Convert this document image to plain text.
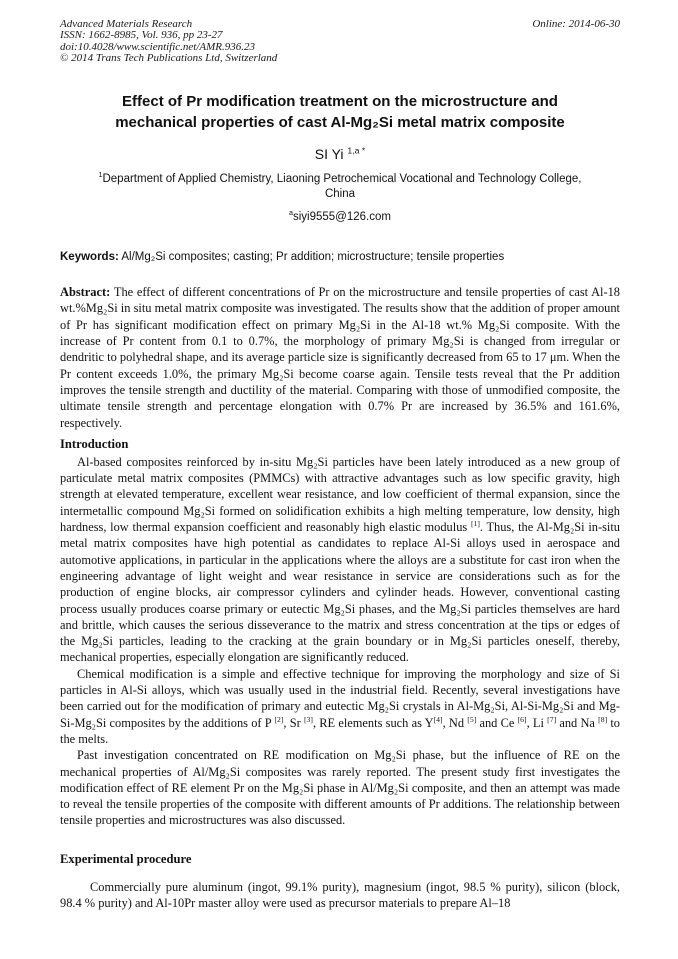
Advanced Materials Research
ISSN: 1662-8985, Vol. 936, pp 23-27
doi:10.4028/www.scientific.net/AMR.936.23
© 2014 Trans Tech Publications Ltd, Switzerland
Online: 2014-06-30
Effect of Pr modification treatment on the microstructure and
mechanical properties of cast Al-Mg₂Si metal matrix composite
SI Yi $^{1,a *}$
$^1$Department of Applied Chemistry, Liaoning Petrochemical Vocational and Technology College,
China
$^a$siyi9555@126.com
Keywords: Al/Mg₂Si composites; casting; Pr addition; microstructure; tensile properties

Abstract: The effect of different concentrations of Pr on the microstructure and tensile properties of cast Al-18 wt.%Mg₂Si in situ metal matrix composite was investigated. The results show that the addition of proper amount of Pr has significant modification effect on primary Mg₂Si in the Al-18 wt.% Mg₂Si composite. With the increase of Pr content from 0.1 to 0.7%, the morphology of primary Mg₂Si is changed from irregular or dendritic to polyhedral shape, and its average particle size is significantly decreased from 65 to 17 μm. When the Pr content exceeds 1.0%, the primary Mg₂Si become coarse again. Tensile tests reveal that the Pr addition improves the tensile strength and ductility of the material. Comparing with those of unmodified composite, the ultimate tensile strength and percentage elongation with 0.7% Pr are increased by 36.5% and 161.6%, respectively.

Introduction

Al-based composites reinforced by in-situ Mg₂Si particles have been lately introduced as a new group of particulate metal matrix composites (PMMCs) with attractive advantages such as low specific gravity, high strength at elevated temperature, excellent wear resistance, and low coefficient of thermal expansion, since the intermetallic compound Mg₂Si formed on solidification exhibits a high melting temperature, low density, high hardness, low thermal expansion coefficient and reasonably high elastic modulus [1]. Thus, the Al-Mg₂Si in-situ metal matrix composites have high potential as candidates to replace Al-Si alloys used in aerospace and automotive applications, in particular in the applications where the alloys are a substitute for cast iron when the engineering advantage of light weight and wear resistance in service are considerations such as for the production of engine blocks, air compressor cylinders and cylinder heads. However, conventional casting process usually produces coarse primary or eutectic Mg₂Si phases, and the Mg₂Si particles themselves are hard and brittle, which causes the serious disseverance to the matrix and stress concentration at the tips or edges of the Mg₂Si particles, leading to the cracking at the grain boundary or in Mg₂Si particles oneself, thereby, mechanical properties, especially elongation are significantly reduced.

Chemical modification is a simple and effective technique for improving the morphology and size of Si particles in Al-Si alloys, which was usually used in the industrial field. Recently, several investigations have been carried out for the modification of primary and eutectic Mg₂Si crystals in Al-Mg₂Si, Al-Si-Mg₂Si and Mg-Si-Mg₂Si composites by the additions of P [2], Sr [3], RE elements such as Y[4], Nd [5] and Ce [6], Li [7] and Na [8] to the melts.

Past investigation concentrated on RE modification on Mg₂Si phase, but the influence of RE on the mechanical properties of Al/Mg₂Si composites was rarely reported. The present study first investigates the modification effect of RE element Pr on the Mg₂Si phase in Al/Mg₂Si composite, and then an attempt was made to reveal the tensile properties of the composite with different amounts of Pr additions. The relationship between tensile properties and microstructures was also discussed.

Experimental procedure

Commercially pure aluminum (ingot, 99.1% purity), magnesium (ingot, 98.5 % purity), silicon (block, 98.4 % purity) and Al-10Pr master alloy were used as precursor materials to prepare Al–18
